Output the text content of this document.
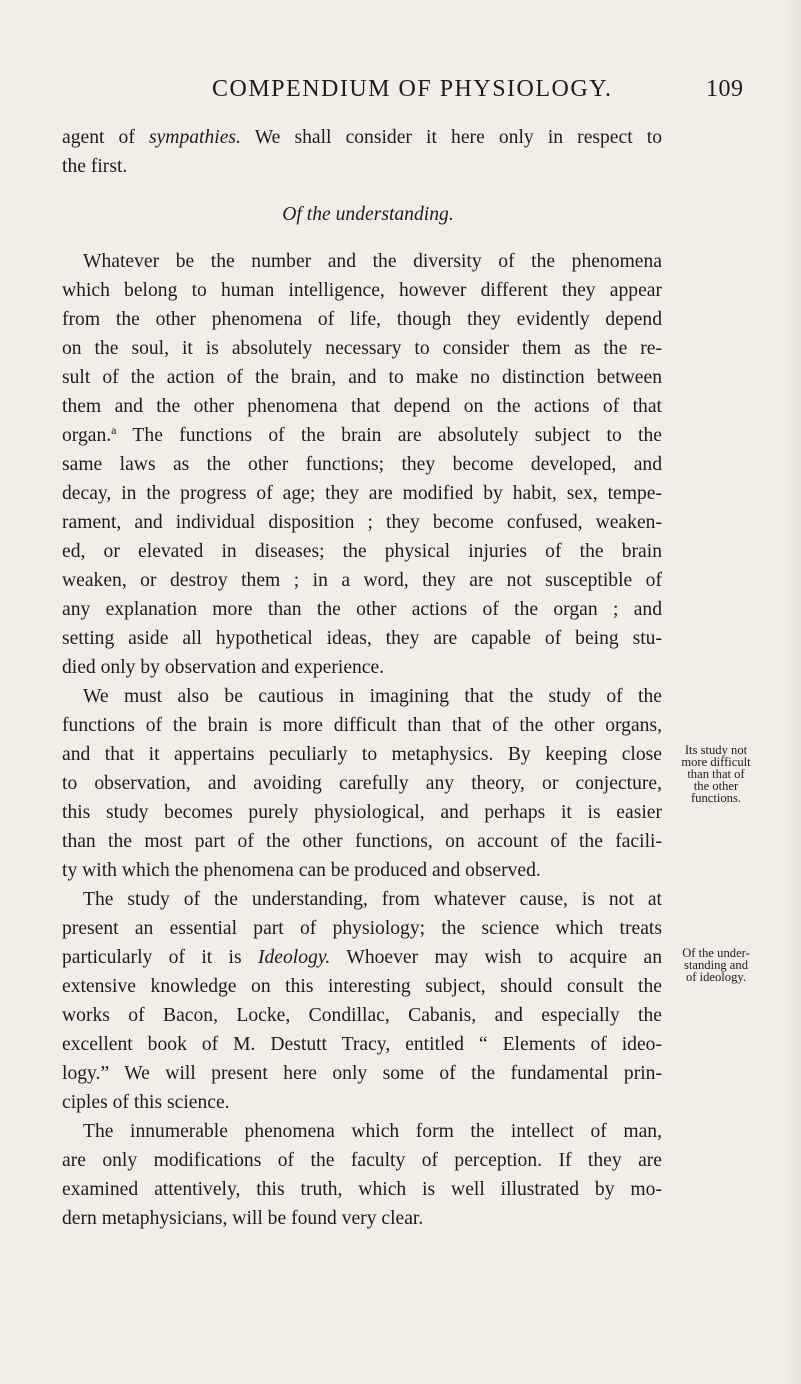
COMPENDIUM OF PHYSIOLOGY.	109
agent of sympathies. We shall consider it here only in respect to
the first.
Of the understanding.
Whatever be the number and the diversity of the phenomena
which belong to human intelligence, however different they appear
from the other phenomena of life, though they evidently depend
on the soul, it is absolutely necessary to consider them as the re-
sult of the action of the brain, and to make no distinction between
them and the other phenomena that depend on the actions of that
organ.$^a$ The functions of the brain are absolutely subject to the
same laws as the other functions; they become developed, and
decay, in the progress of age; they are modified by habit, sex, tempe-
rament, and individual disposition ; they become confused, weaken-
ed, or elevated in diseases; the physical injuries of the brain
weaken, or destroy them ; in a word, they are not susceptible of
any explanation more than the other actions of the organ ; and
setting aside all hypothetical ideas, they are capable of being stu-
died only by observation and experience.
We must also be cautious in imagining that the study of the
functions of the brain is more difficult than that of the other organs,
and that it appertains peculiarly to metaphysics. By keeping close
to observation, and avoiding carefully any theory, or conjecture,
this study becomes purely physiological, and perhaps it is easier
than the most part of the other functions, on account of the facili-
ty with which the phenomena can be produced and observed.
The study of the understanding, from whatever cause, is not at
present an essential part of physiology; the science which treats
particularly of it is Ideology. Whoever may wish to acquire an
extensive knowledge on this interesting subject, should consult the
works of Bacon, Locke, Condillac, Cabanis, and especially the
excellent book of M. Destutt Tracy, entitled “ Elements of ideo-
logy.” We will present here only some of the fundamental prin-
ciples of this science.
The innumerable phenomena which form the intellect of man,
are only modifications of the faculty of perception. If they are
examined attentively, this truth, which is well illustrated by mo-
dern metaphysicians, will be found very clear.
Its study not
more difficult
than that of
the other
functions.
Of the under-
standing and
of ideology.
